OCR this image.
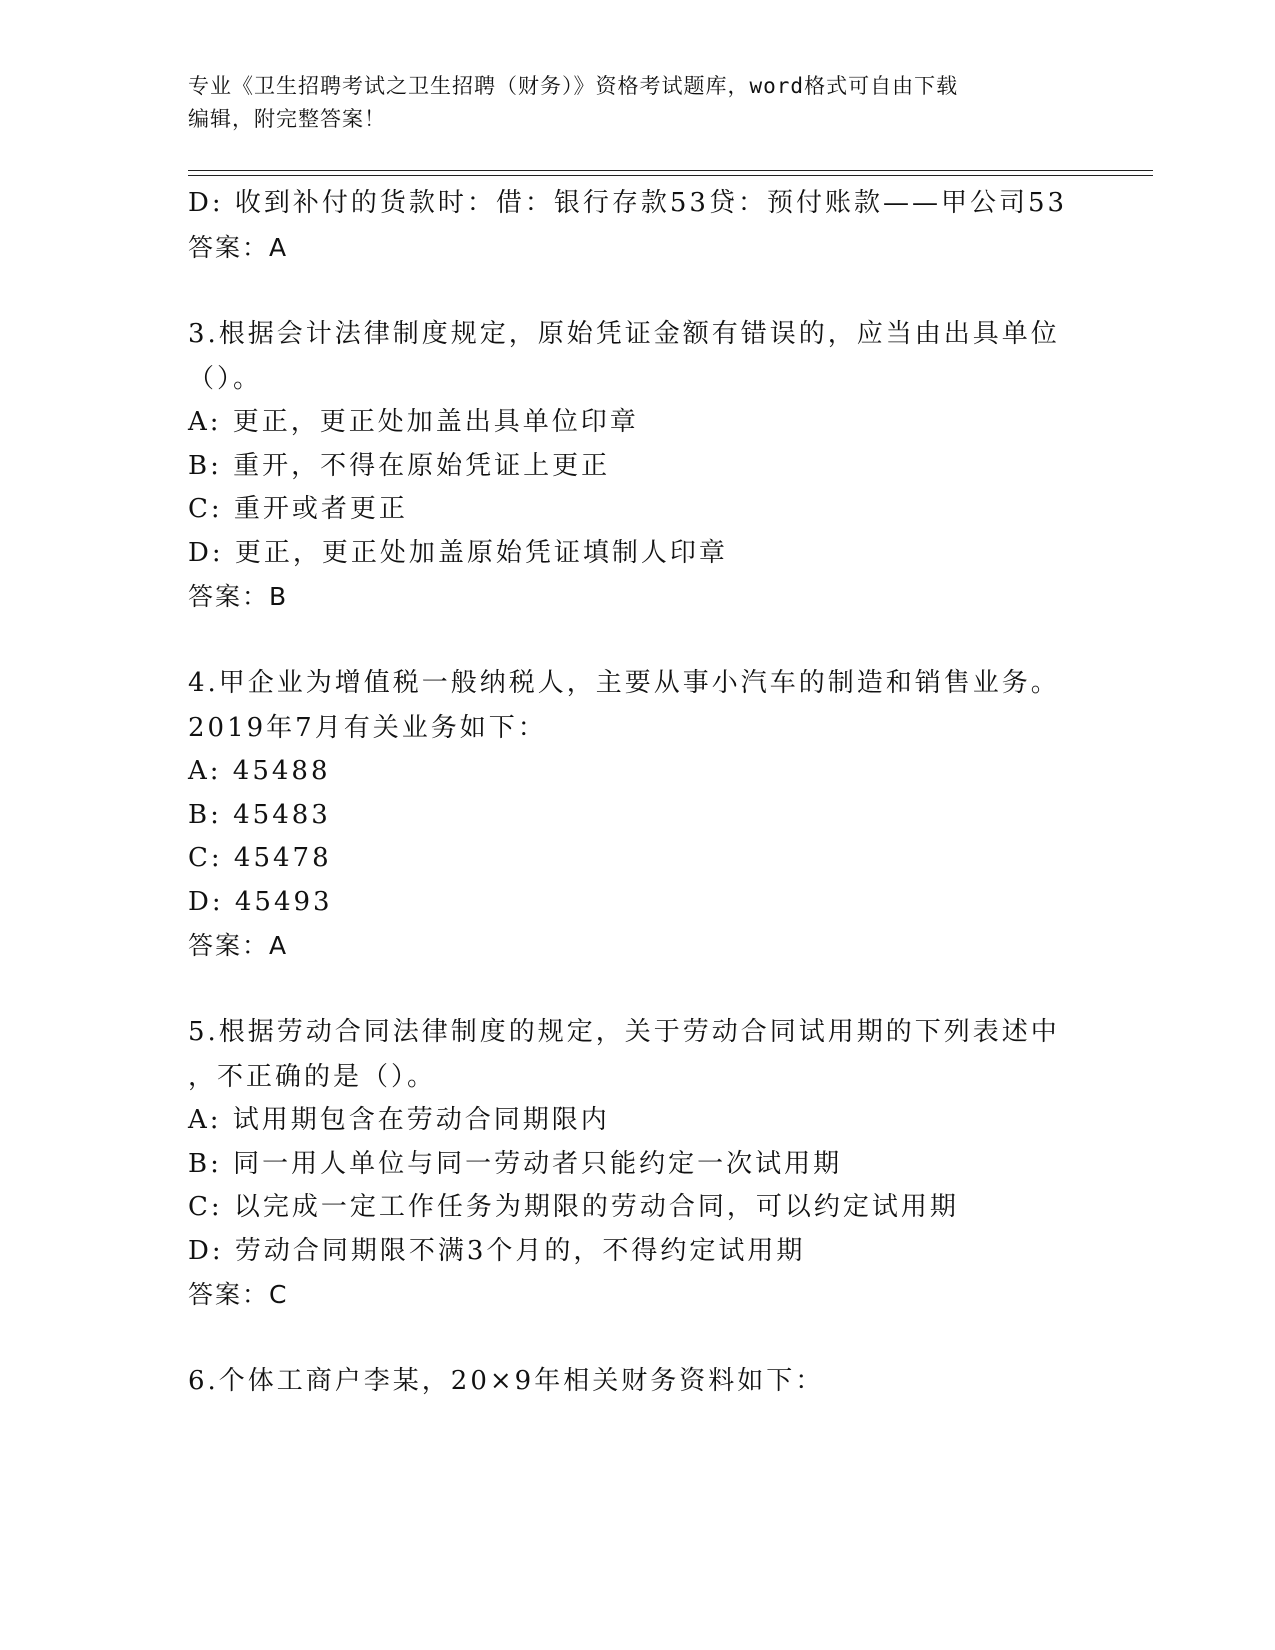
专业《卫生招聘考试之卫生招聘（财务）》资格考试题库，word格式可自由下载
编辑，附完整答案！
D: 收到补付的货款时：借：银行存款53贷：预付账款——甲公司53
答案：A
3.根据会计法律制度规定，原始凭证金额有错误的，应当由出具单位
（）。
A: 更正，更正处加盖出具单位印章
B: 重开，不得在原始凭证上更正
C: 重开或者更正
D: 更正，更正处加盖原始凭证填制人印章
答案：B
4.甲企业为增值税一般纳税人，主要从事小汽车的制造和销售业务。
2019年7月有关业务如下：
A: 45488
B: 45483
C: 45478
D: 45493
答案：A
5.根据劳动合同法律制度的规定，关于劳动合同试用期的下列表述中
，不正确的是（）。
A: 试用期包含在劳动合同期限内
B: 同一用人单位与同一劳动者只能约定一次试用期
C: 以完成一定工作任务为期限的劳动合同，可以约定试用期
D: 劳动合同期限不满3个月的，不得约定试用期
答案：C
6.个体工商户李某，20×9年相关财务资料如下：
